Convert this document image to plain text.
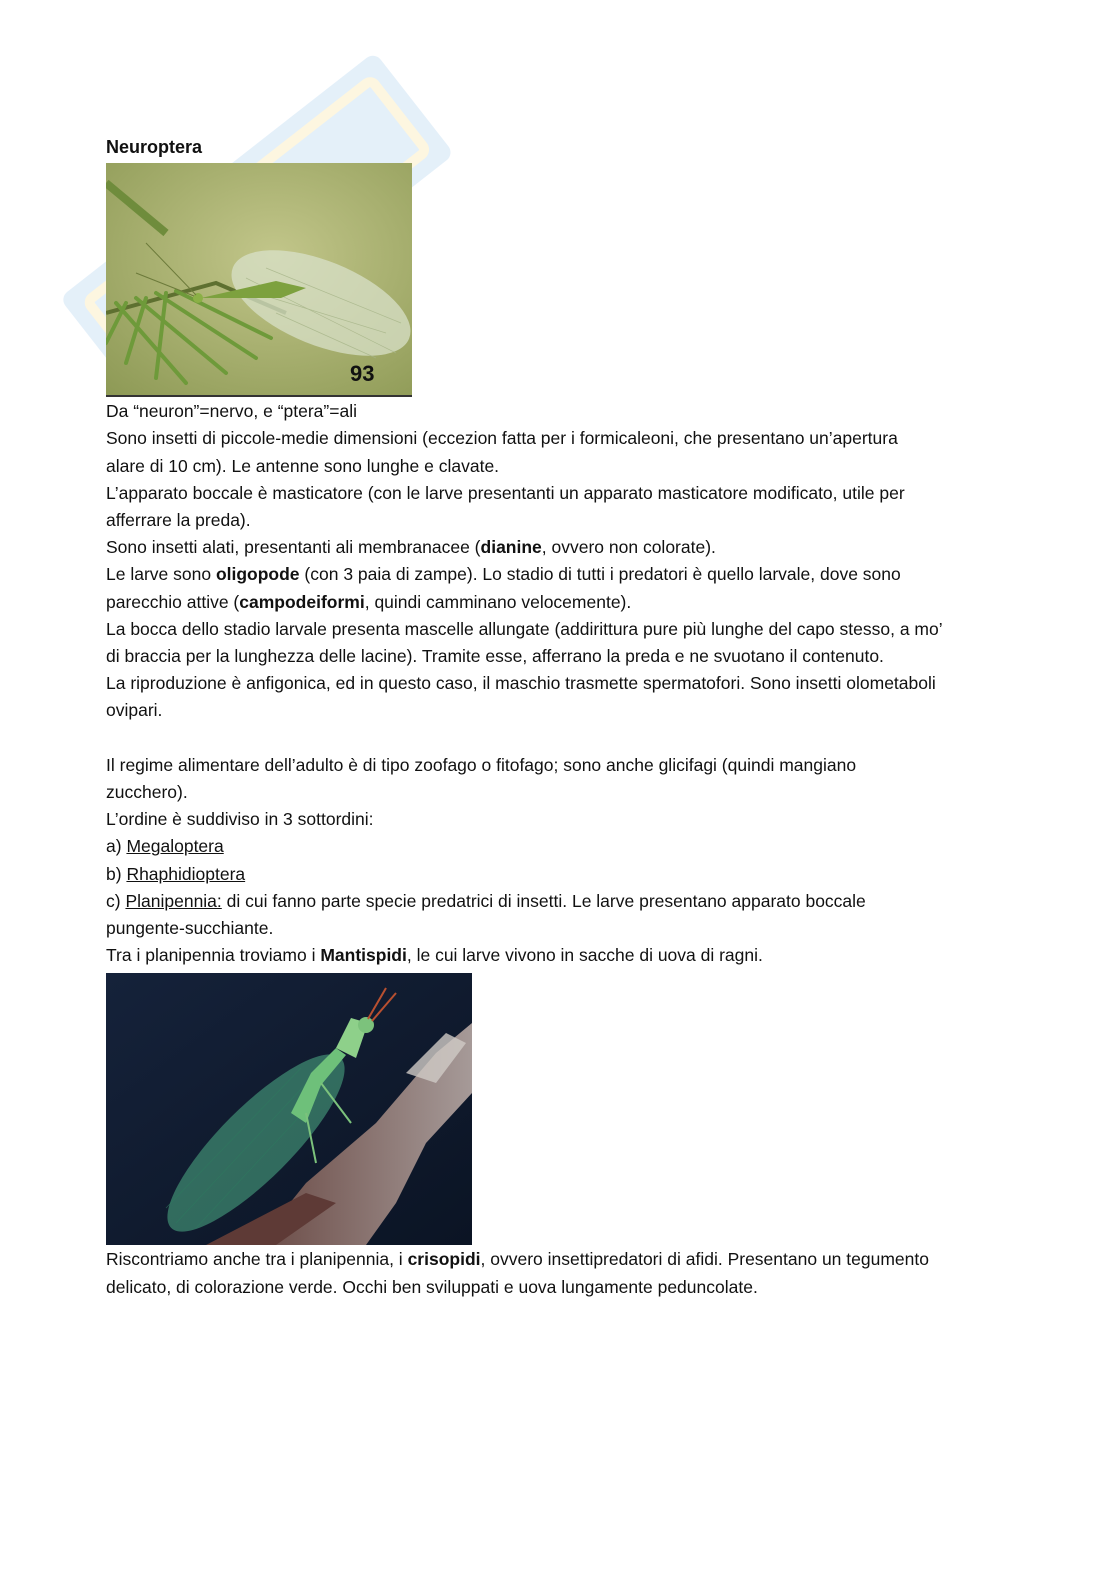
Neuroptera

93

Da “neuron”=nervo, e “ptera”=ali

Sono insetti di piccole-medie dimensioni (eccezion fatta per i formicaleoni, che presentano un’apertura

alare di 10 cm). Le antenne sono lunghe e clavate.

L’apparato boccale è masticatore (con le larve presentanti un apparato masticatore modificato, utile per

afferrare la preda).

Sono insetti alati, presentanti ali membranacee (dianine, ovvero non colorate).

Le larve sono oligopode (con 3 paia di zampe). Lo stadio di tutti i predatori è quello larvale, dove sono

parecchio attive (campodeiformi, quindi camminano velocemente).

La bocca dello stadio larvale presenta mascelle allungate (addirittura pure più lunghe del capo stesso, a mo’

di braccia per la lunghezza delle lacine). Tramite esse, afferrano la preda e ne svuotano il contenuto.

La riproduzione è anfigonica, ed in questo caso, il maschio trasmette spermatofori. Sono insetti olometaboli

ovipari.

Il regime alimentare dell’adulto è di tipo zoofago o fitofago; sono anche glicifagi (quindi mangiano

zucchero).

L’ordine è suddiviso in 3 sottordini:

a) Megaloptera

b) Rhaphidioptera

c) Planipennia: di cui fanno parte specie predatrici di insetti. Le larve presentano apparato boccale

pungente-succhiante.

Tra i planipennia troviamo i Mantispidi, le cui larve vivono in sacche di uova di ragni.

Riscontriamo anche tra i planipennia, i crisopidi, ovvero insettipredatori di afidi. Presentano un tegumento

delicato, di colorazione verde. Occhi ben sviluppati e uova lungamente peduncolate.
